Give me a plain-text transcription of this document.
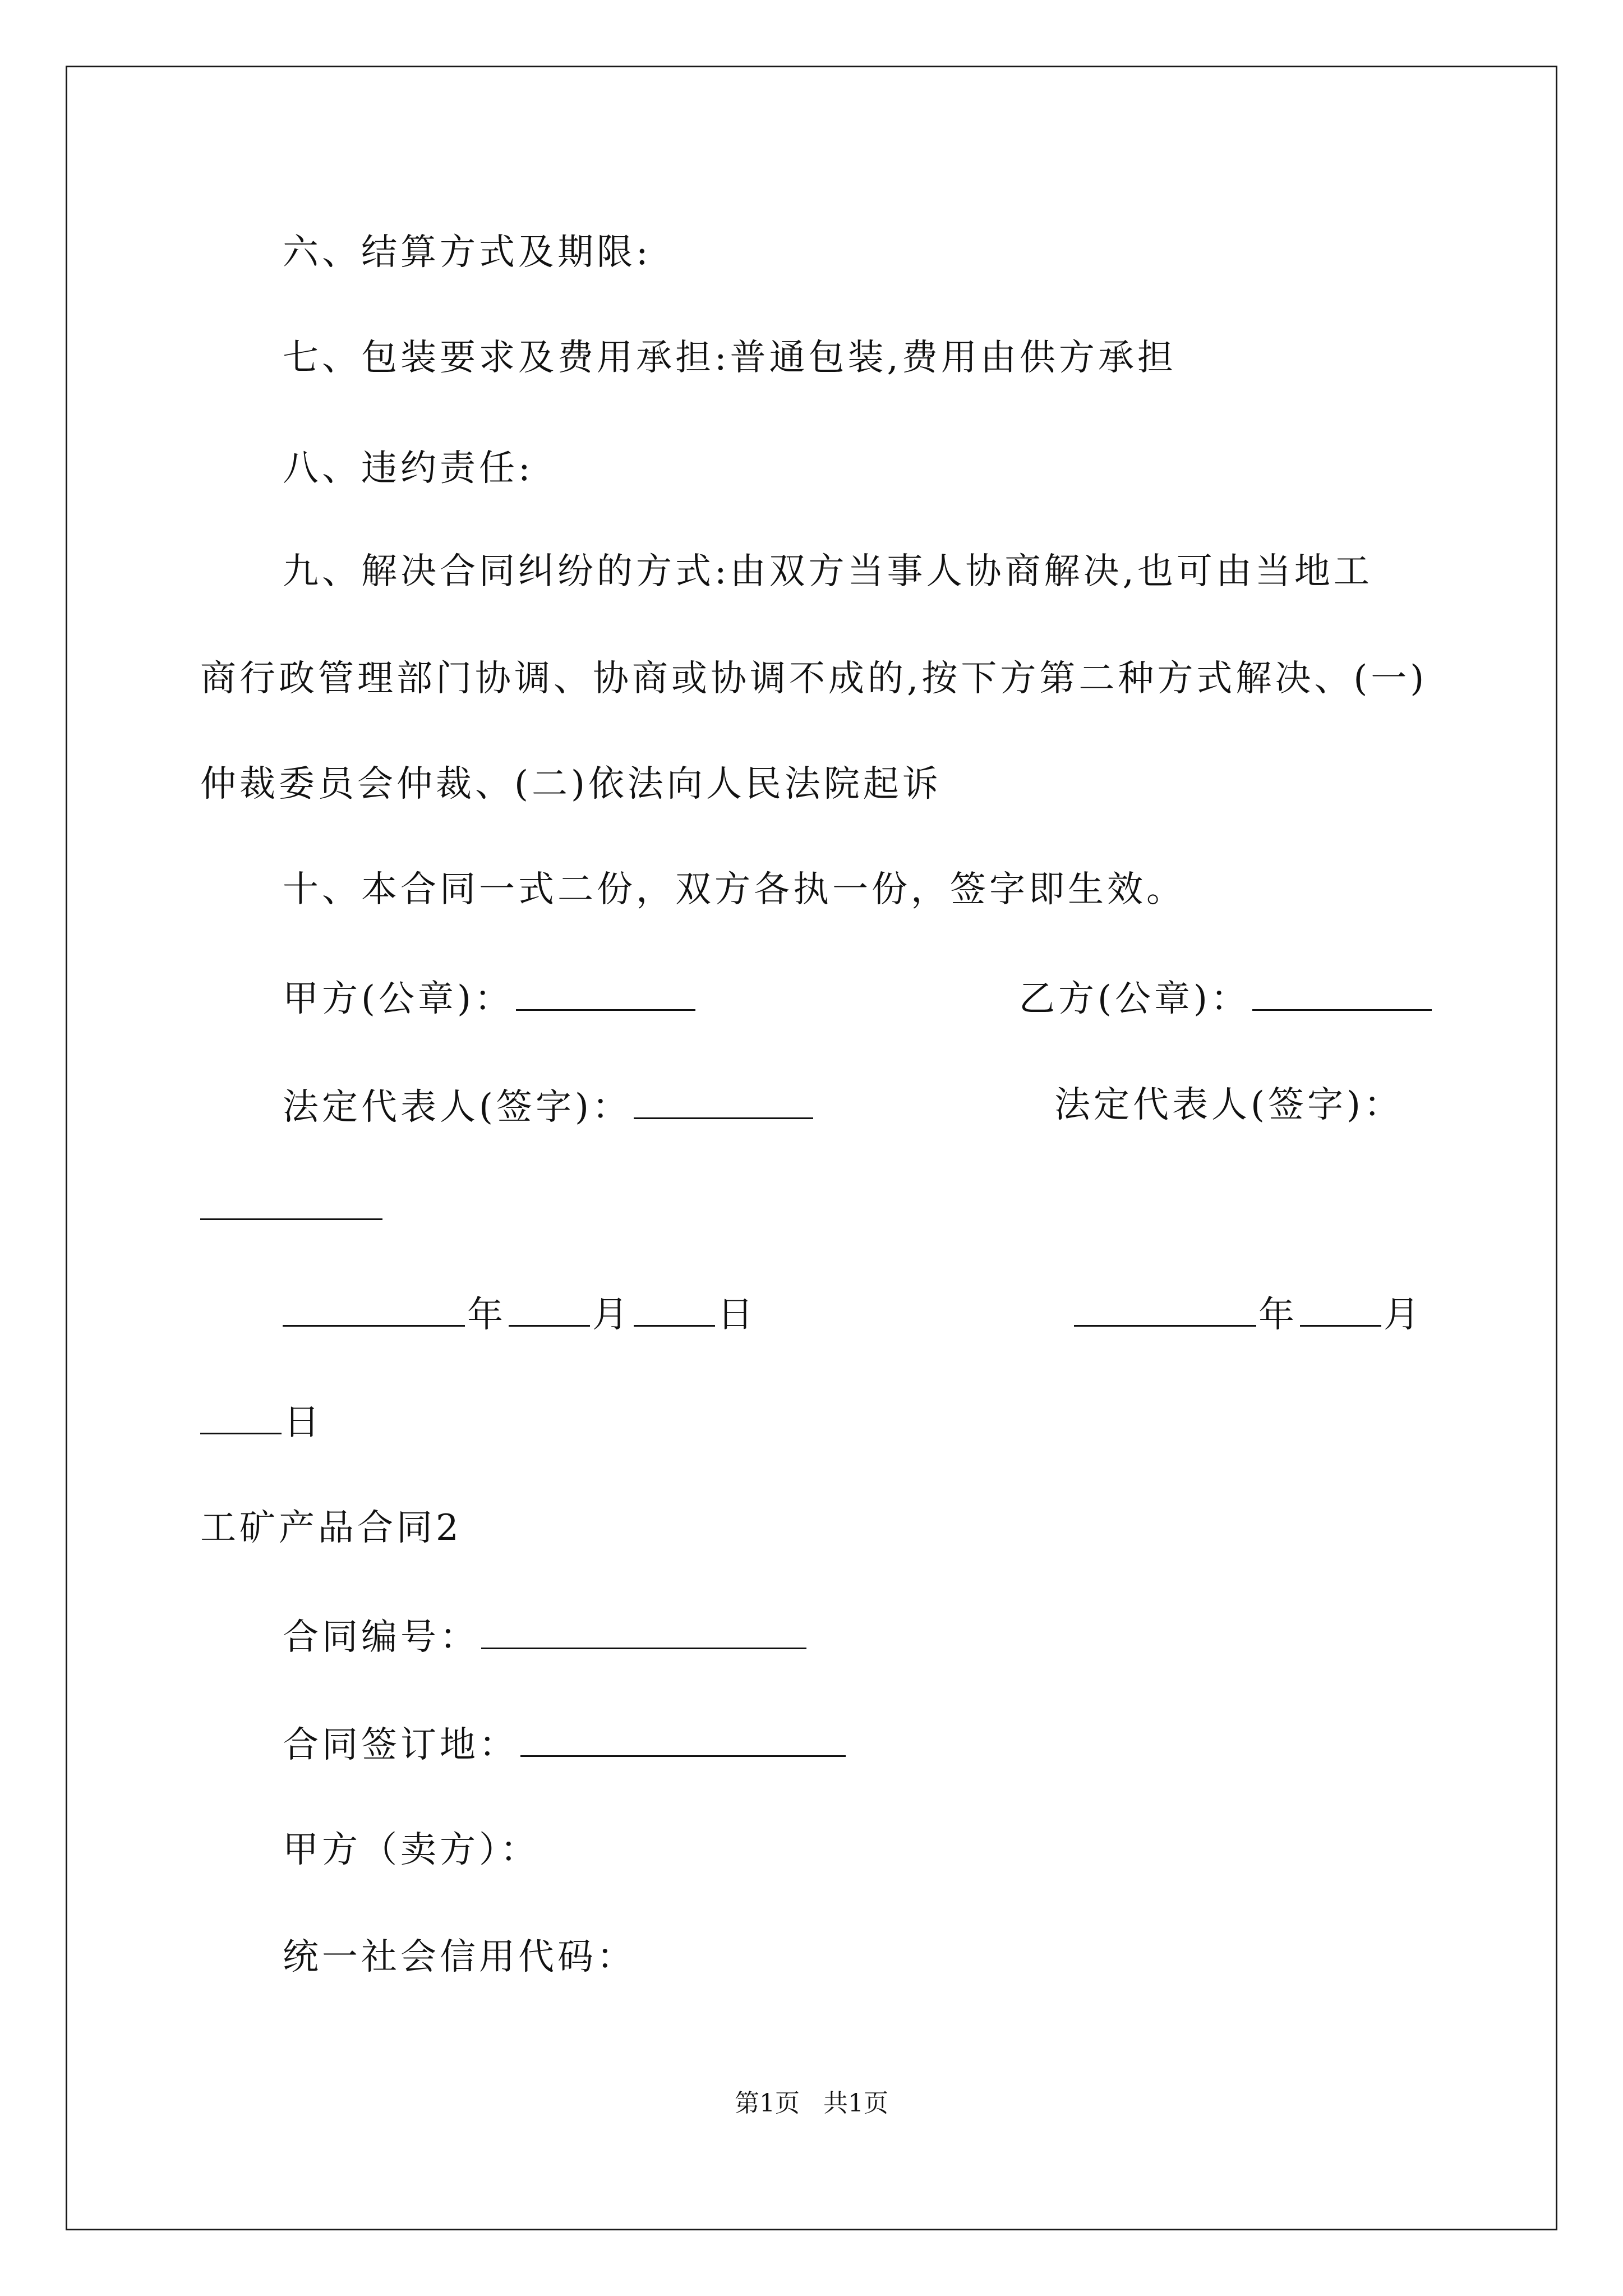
六、结算方式及期限:
七、包装要求及费用承担:普通包装,费用由供方承担
八、违约责任:
九、解决合同纠纷的方式:由双方当事人协商解决,也可由当地工
商行政管理部门协调、协商或协调不成的,按下方第二种方式解决、(一)
仲裁委员会仲裁、(二)依法向人民法院起诉
十、本合同一式二份，双方各执一份，签字即生效。
甲方(公章)：	乙方(公章)：
法定代表人(签字)：	法定代表人(签字)：
年 月 日	年 月
日
工矿产品合同2
合同编号：
合同签订地：
甲方（卖方）：
统一社会信用代码：
第1页   共1页
